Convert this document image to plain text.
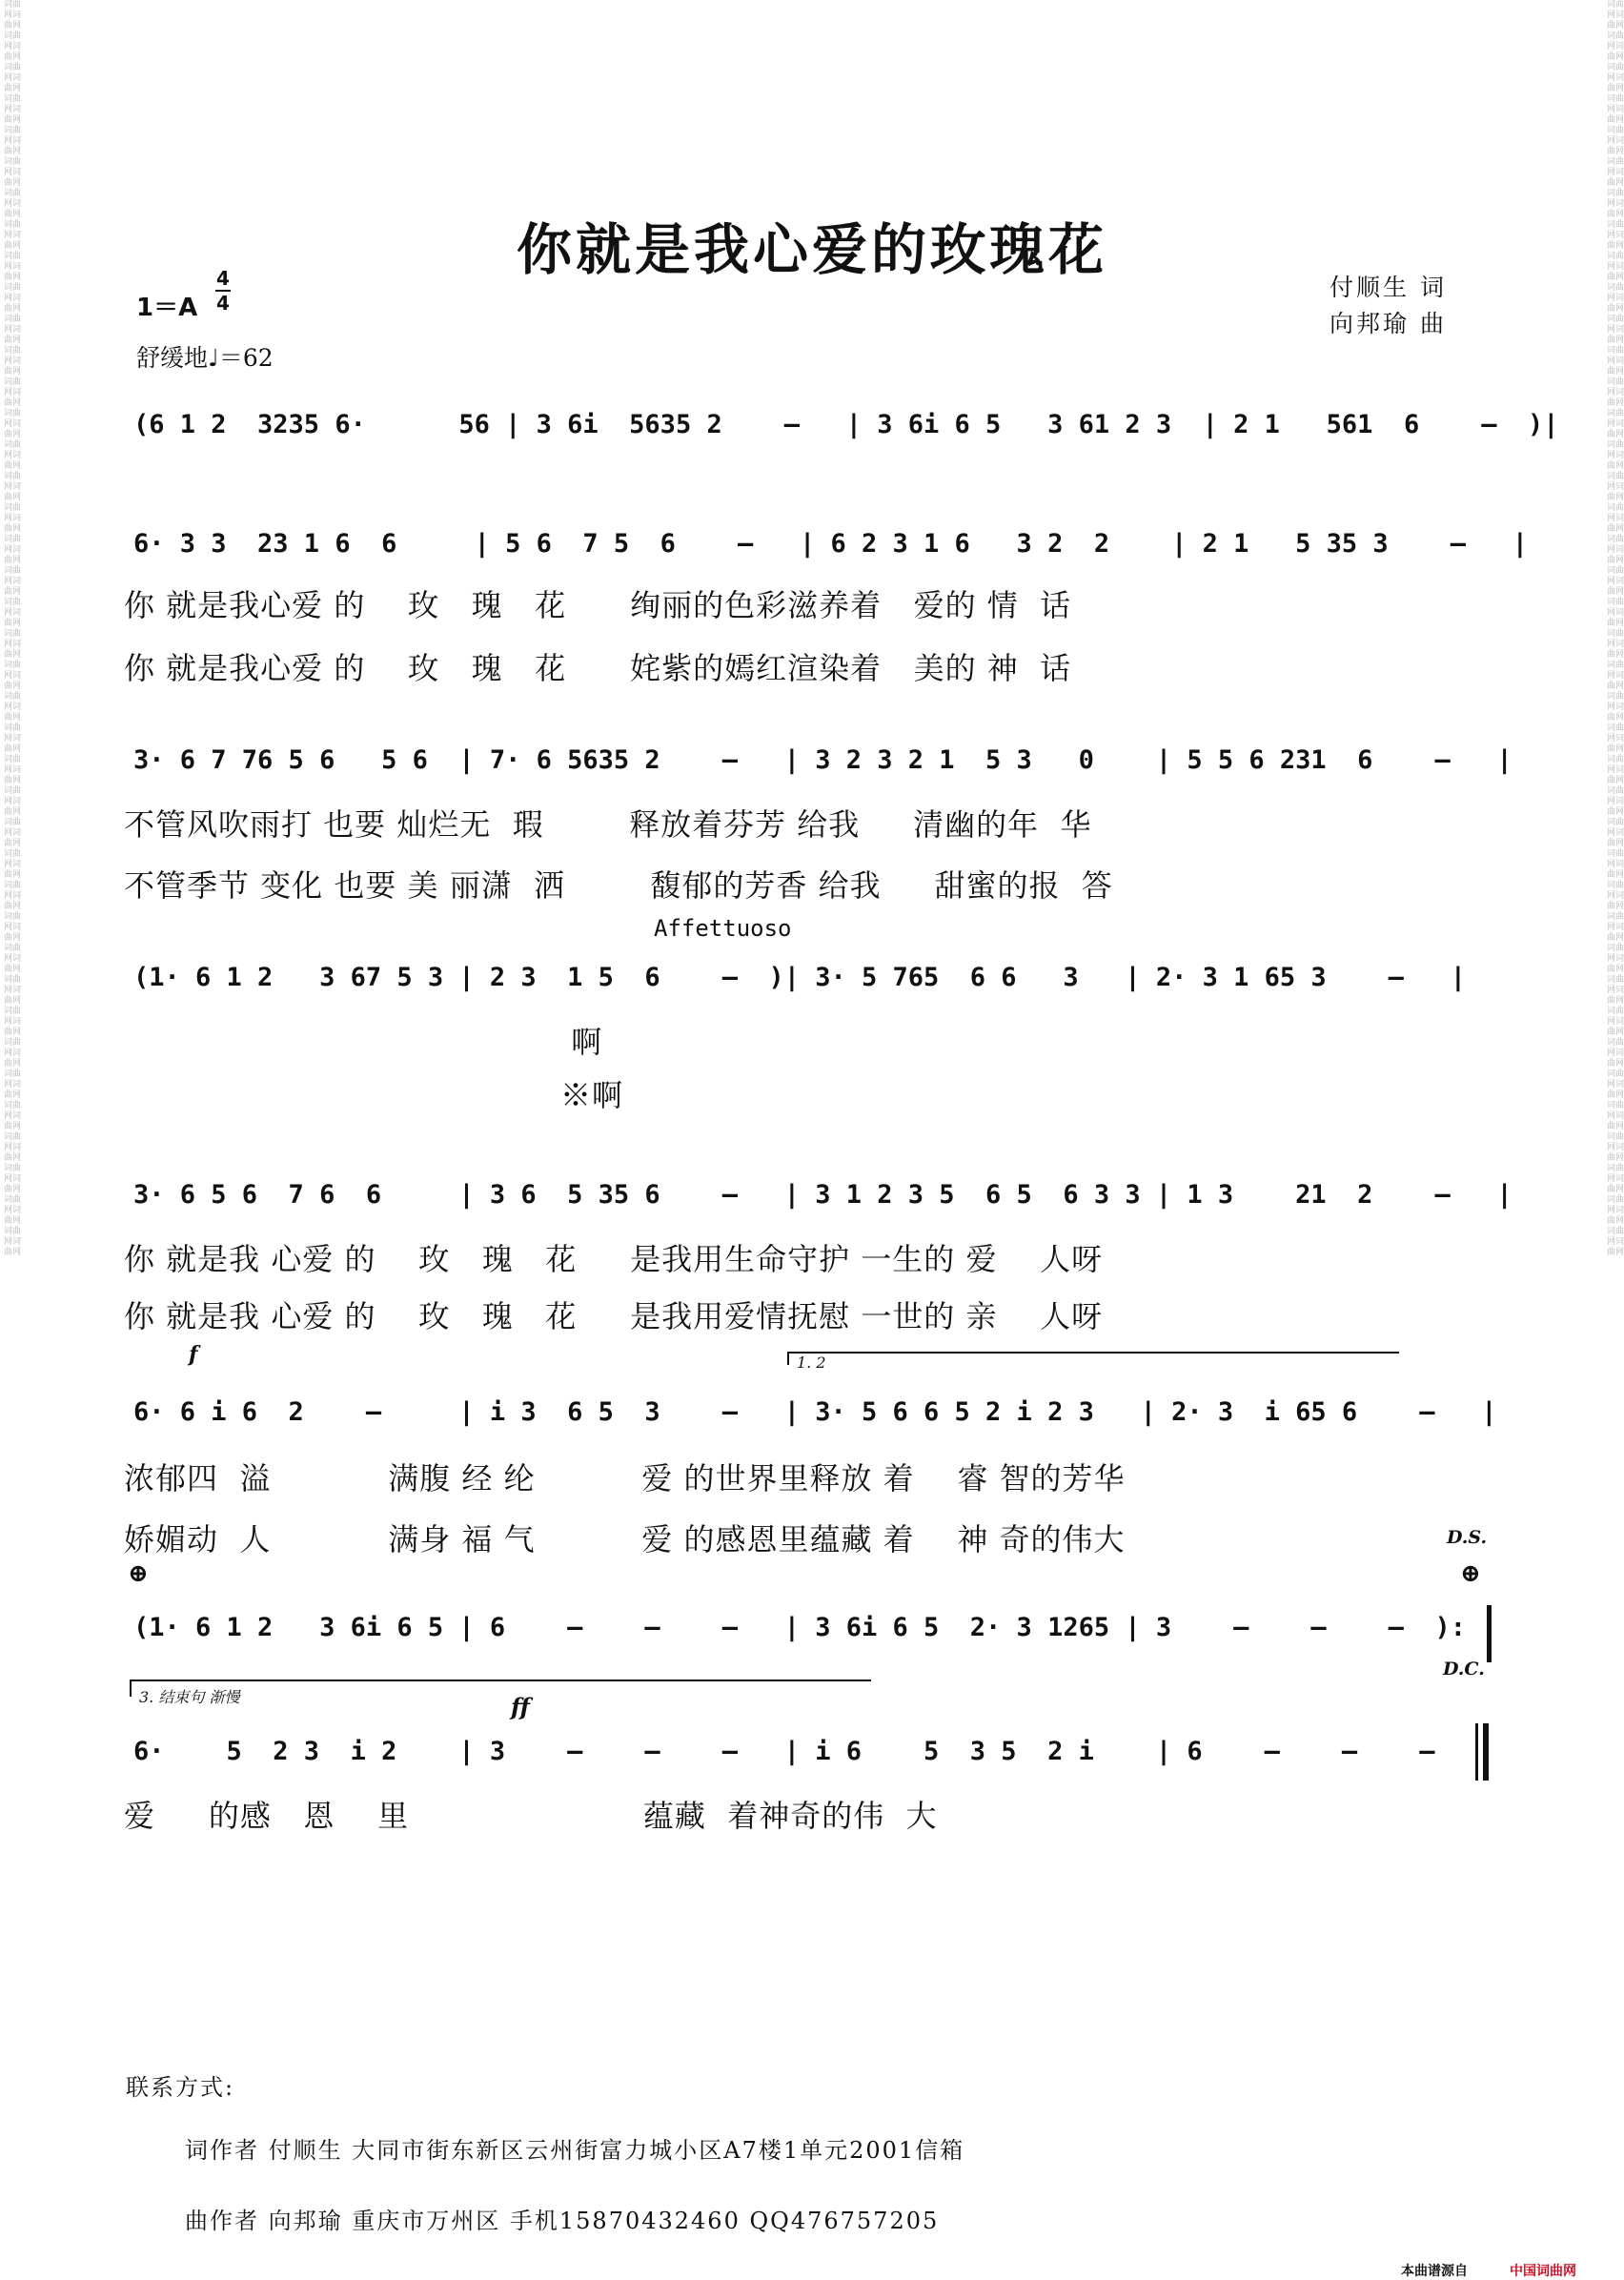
词曲网词曲网词曲网词曲网词曲网词曲网词曲网词曲网词曲网词曲网词曲网词曲网词曲网词曲网词曲网词曲网词曲网词曲网词曲网词曲网词曲网词曲网词曲网词曲网词曲网词曲网词曲网词曲网词曲网词曲网词曲网词曲网词曲网词曲网词曲网词曲网词曲网词曲网词曲网词曲网词曲网词曲网词曲网词曲网词曲网词曲网词曲网词曲网词曲网词曲网词曲网词曲网词曲网词曲网词曲网词曲网词曲网词曲网词曲网词曲网词曲网词曲网词曲网词曲网词曲网词曲网词曲网词曲网词曲网词曲网词曲网词曲网词曲网词曲网词曲网词曲网词曲网词曲网词曲网词曲网
词曲网词曲网词曲网词曲网词曲网词曲网词曲网词曲网词曲网词曲网词曲网词曲网词曲网词曲网词曲网词曲网词曲网词曲网词曲网词曲网词曲网词曲网词曲网词曲网词曲网词曲网词曲网词曲网词曲网词曲网词曲网词曲网词曲网词曲网词曲网词曲网词曲网词曲网词曲网词曲网词曲网词曲网词曲网词曲网词曲网词曲网词曲网词曲网词曲网词曲网词曲网词曲网词曲网词曲网词曲网词曲网词曲网词曲网词曲网词曲网词曲网词曲网词曲网词曲网词曲网词曲网词曲网词曲网词曲网词曲网词曲网词曲网词曲网词曲网词曲网词曲网词曲网词曲网词曲网词曲网
你就是我心爱的玫瑰花
付顺生 词
向邦瑜 曲
1＝A
4
4
舒缓地♩＝62
(6 1 2  3235 6·      56 | 3 6i  5635 2    –   | 3 6i 6 5   3 61 2 3  | 2 1   561  6    –  )|
6· 3 3  23 1 6  6     | 5 6  7 5  6    –   | 6 2 3 1 6   3 2  2    | 2 1   5 35 3    –   |
你 就是我心爱 的    玫   瑰   花      绚丽的色彩滋养着   爱的 情  话
你 就是我心爱 的    玫   瑰   花      姹紫的嫣红渲染着   美的 神  话
3· 6 7 76 5 6   5 6  | 7· 6 5635 2    –   | 3 2 3 2 1  5 3   0    | 5 5 6 231  6    –   |
不管风吹雨打 也要 灿烂无  瑕        释放着芬芳 给我     清幽的年  华
不管季节 变化 也要 美 丽潇  洒        馥郁的芳香 给我     甜蜜的报  答
Affettuoso
(1· 6 1 2   3 67 5 3 | 2 3  1 5  6    –  )| 3· 5 765  6 6   3   | 2· 3 1 65 3    –   |
啊
※啊
3· 6 5 6  7 6  6     | 3 6  5 35 6    –   | 3 1 2 3 5  6 5  6 3 3 | 1 3    21  2    –   |
你 就是我 心爱 的    玫   瑰   花     是我用生命守护 一生的 爱    人呀
你 就是我 心爱 的    玫   瑰   花     是我用爱情抚慰 一世的 亲    人呀
f	1. 2
6· 6 i 6  2    –     | i 3  6 5  3    –   | 3· 5 6 6 5 2 i 2 3   | 2· 3  i 65 6    –   |
浓郁四  溢           满腹 经 纶          爱 的世界里释放 着    睿 智的芳华
娇媚动  人           满身 福 气          爱 的感恩里蕴藏 着    神 奇的伟大	D.S.
⊕	⊕
(1· 6 1 2   3 6i 6 5 | 6    –    –    –   | 3 6i 6 5  2· 3 1265 | 3    –    –    –  ):
D.C.
3. 结束句 渐慢	ff
6·    5  2 3  i 2    | 3    –    –    –   | i 6    5  3 5  2 i    | 6    –    –    –
爱     的感   恩    里                      蕴藏  着神奇的伟  大
联系方式:
词作者 付顺生 大同市街东新区云州街富力城小区A7楼1单元2001信箱
曲作者 向邦瑜 重庆市万州区 手机15870432460 QQ476757205
本曲谱源自	中国词曲网
